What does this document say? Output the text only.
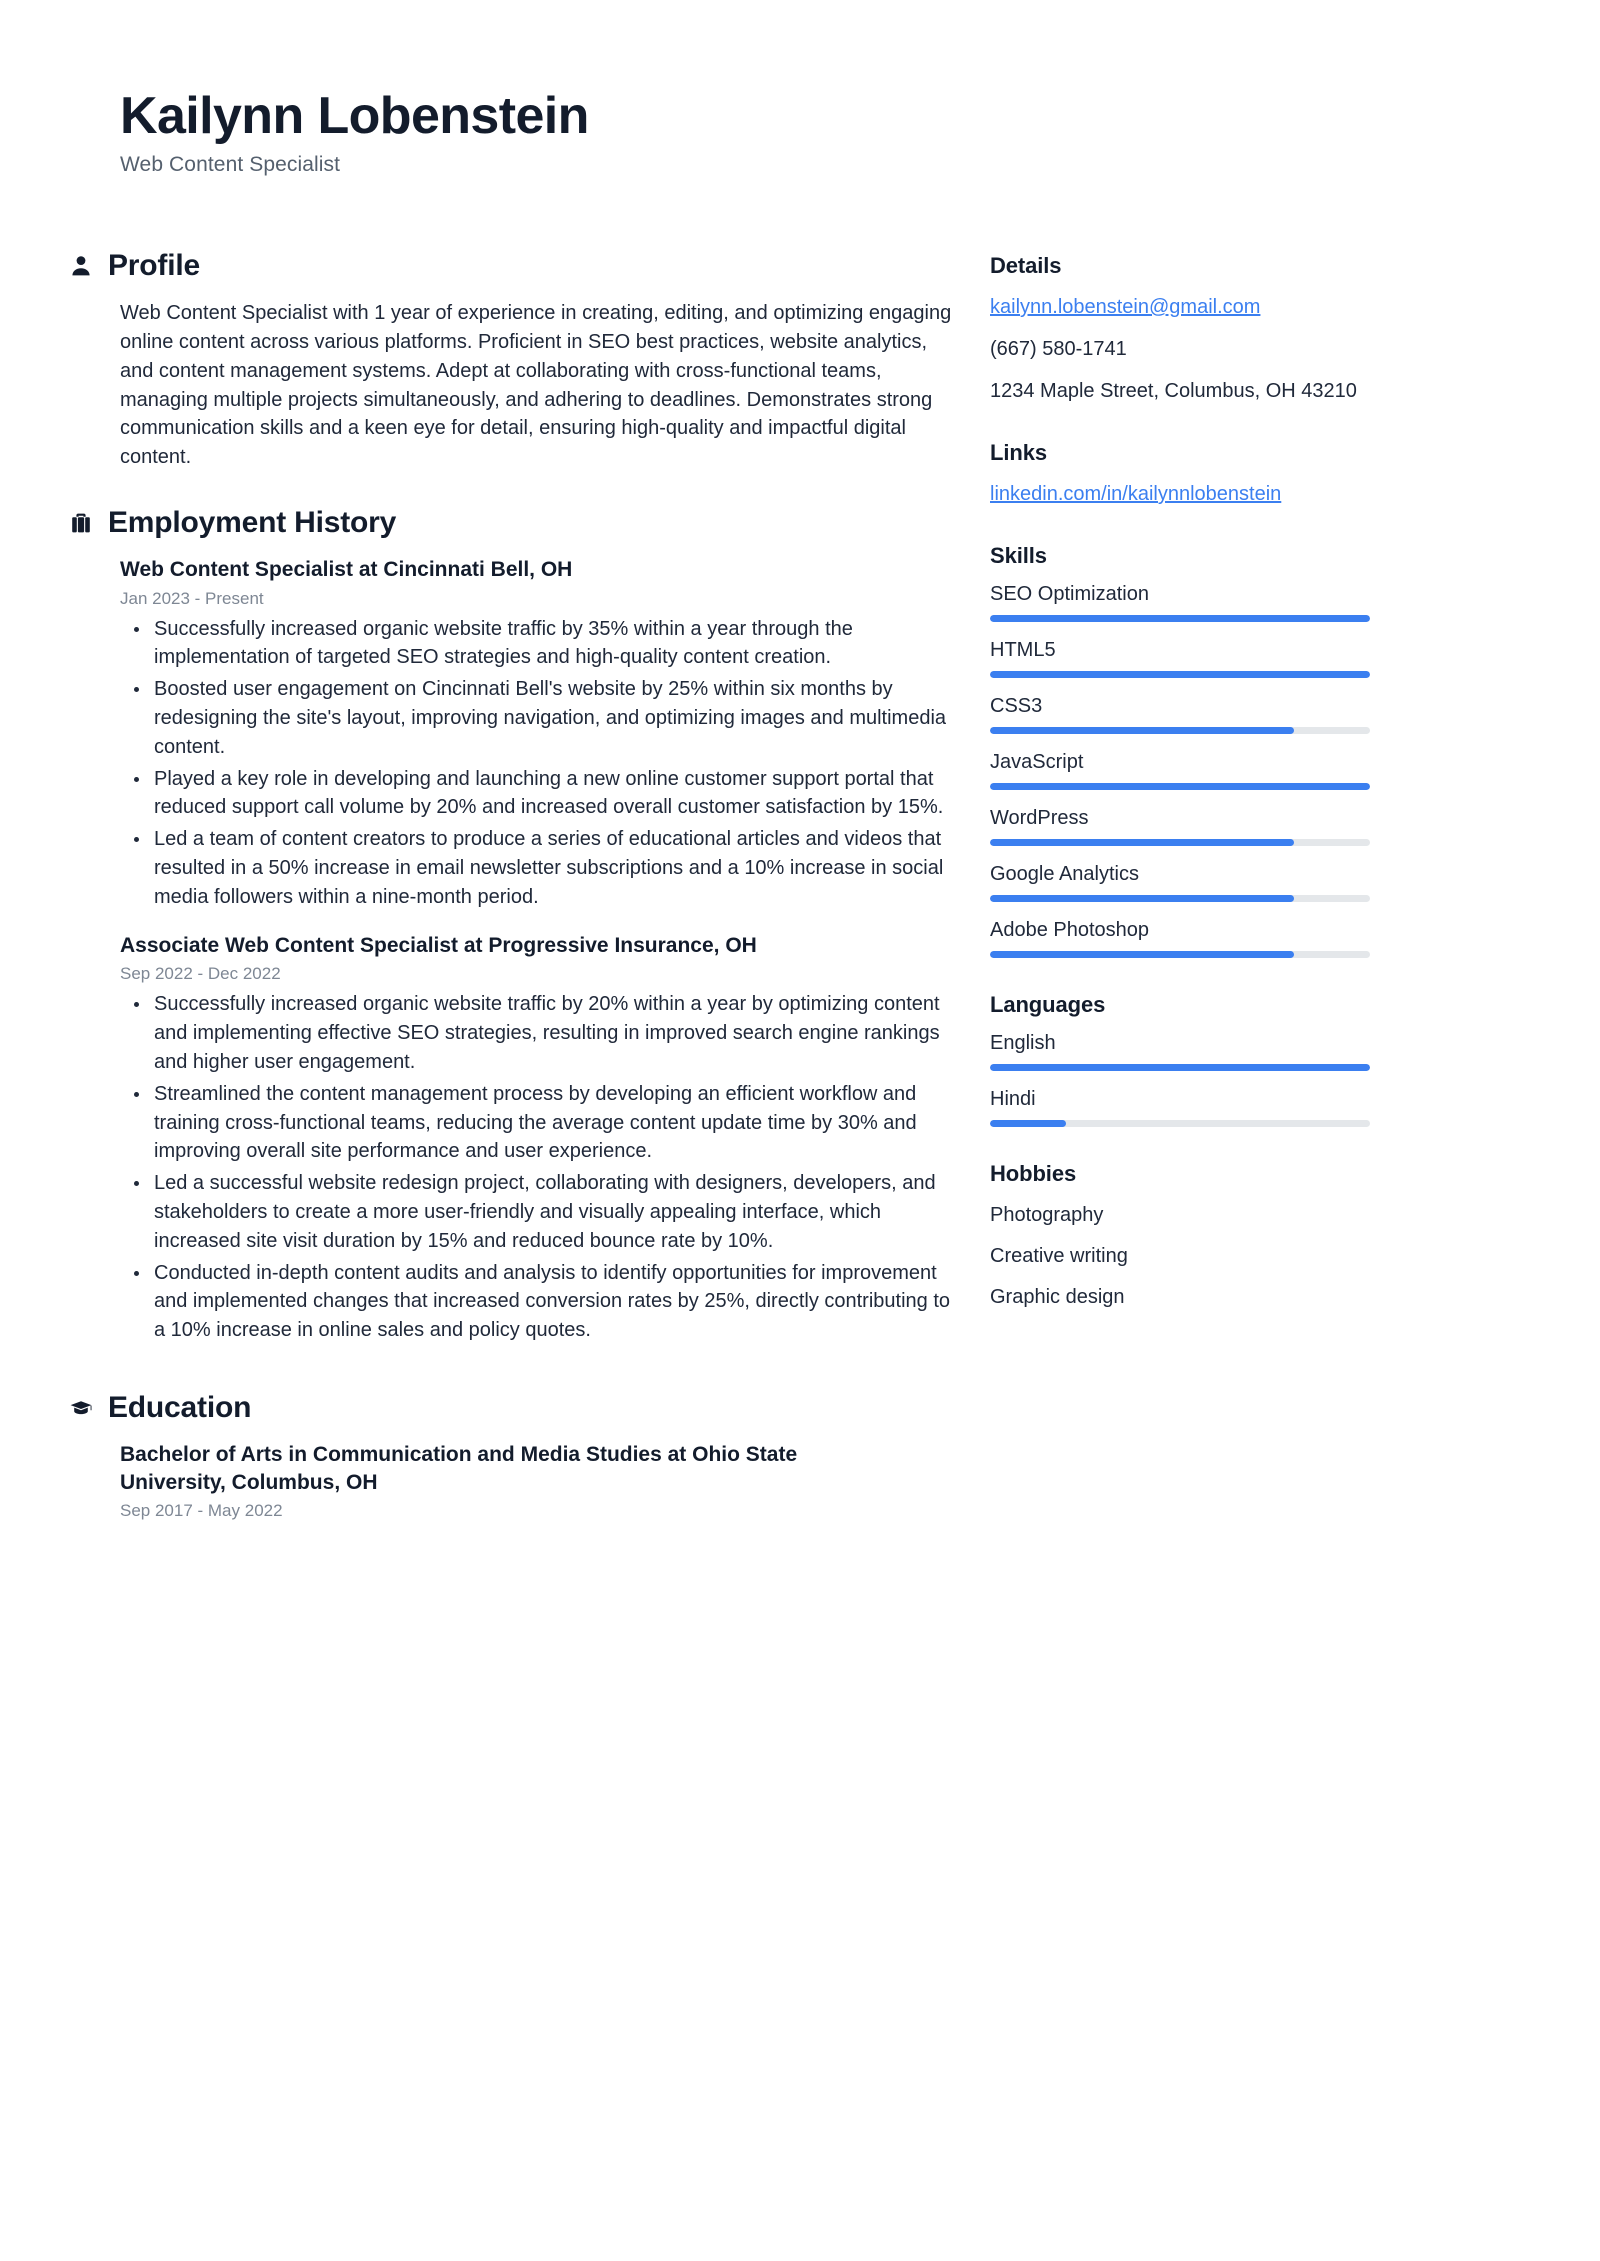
Kailynn Lobenstein
Web Content Specialist
Profile

Web Content Specialist with 1 year of experience in creating, editing, and optimizing engaging online content across various platforms. Proficient in SEO best practices, website analytics, and content management systems. Adept at collaborating with cross-functional teams, managing multiple projects simultaneously, and adhering to deadlines. Demonstrates strong communication skills and a keen eye for detail, ensuring high-quality and impactful digital content.

Employment History
Web Content Specialist at Cincinnati Bell, OH
Jan 2023 - Present
Successfully increased organic website traffic by 35% within a year through the implementation of targeted SEO strategies and high-quality content creation.
Boosted user engagement on Cincinnati Bell's website by 25% within six months by redesigning the site's layout, improving navigation, and optimizing images and multimedia content.
Played a key role in developing and launching a new online customer support portal that reduced support call volume by 20% and increased overall customer satisfaction by 15%.
Led a team of content creators to produce a series of educational articles and videos that resulted in a 50% increase in email newsletter subscriptions and a 10% increase in social media followers within a nine-month period.
Associate Web Content Specialist at Progressive Insurance, OH
Sep 2022 - Dec 2022
Successfully increased organic website traffic by 20% within a year by optimizing content and implementing effective SEO strategies, resulting in improved search engine rankings and higher user engagement.
Streamlined the content management process by developing an efficient workflow and training cross-functional teams, reducing the average content update time by 30% and improving overall site performance and user experience.
Led a successful website redesign project, collaborating with designers, developers, and stakeholders to create a more user-friendly and visually appealing interface, which increased site visit duration by 15% and reduced bounce rate by 10%.
Conducted in-depth content audits and analysis to identify opportunities for improvement and implemented changes that increased conversion rates by 25%, directly contributing to a 10% increase in online sales and policy quotes.
Education
Bachelor of Arts in Communication and Media Studies at Ohio State University, Columbus, OH
Sep 2017 - May 2022
Details
kailynn.lobenstein@gmail.com
(667) 580-1741
1234 Maple Street, Columbus, OH 43210
Links
linkedin.com/in/kailynnlobenstein
Skills
SEO Optimization
HTML5
CSS3
JavaScript
WordPress
Google Analytics
Adobe Photoshop
Languages
English
Hindi
Hobbies
Photography
Creative writing
Graphic design
